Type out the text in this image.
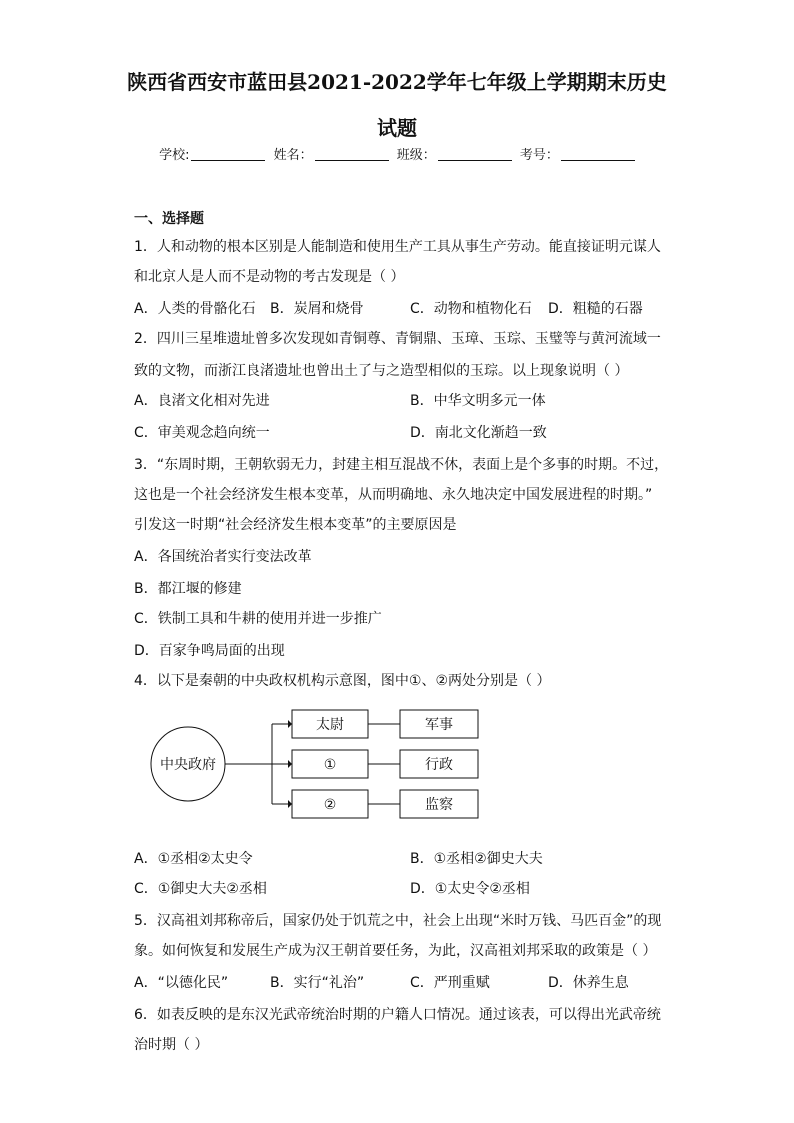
陕西省西安市蓝田县2021-2022学年七年级上学期期末历史
试题
学校:	姓名：	班级：	考号：
一、选择题
1．人和动物的根本区别是人能制造和使用生产工具从事生产劳动。能直接证明元谋人
和北京人是人而不是动物的考古发现是（ ）
A．人类的骨骼化石 B．炭屑和烧骨	C．动物和植物化石 D．粗糙的石器
2．四川三星堆遗址曾多次发现如青铜尊、青铜鼎、玉璋、玉琮、玉璧等与黄河流域一
致的文物，而浙江良渚遗址也曾出土了与之造型相似的玉琮。以上现象说明（ ）
A．良渚文化相对先进	B．中华文明多元一体
C．审美观念趋向统一	D．南北文化渐趋一致
3．“东周时期，王朝软弱无力，封建主相互混战不休，表面上是个多事的时期。不过，
这也是一个社会经济发生根本变革，从而明确地、永久地决定中国发展进程的时期。”
引发这一时期“社会经济发生根本变革”的主要原因是
A．各国统治者实行变法改革
B．都江堰的修建
C．铁制工具和牛耕的使用并进一步推广
D．百家争鸣局面的出现
4．以下是秦朝的中央政权机构示意图，图中①、②两处分别是（ ）
中央政府
太尉
①
②
军事
行政
监察
A．①丞相②太史令	B．①丞相②御史大夫
C．①御史大夫②丞相	D．①太史令②丞相
5．汉高祖刘邦称帝后，国家仍处于饥荒之中，社会上出现“米时万钱、马匹百金”的现
象。如何恢复和发展生产成为汉王朝首要任务，为此，汉高祖刘邦采取的政策是（ ）
A．“以德化民”	B．实行“礼治”	C．严刑重赋	D．休养生息
6．如表反映的是东汉光武帝统治时期的户籍人口情况。通过该表，可以得出光武帝统
治时期（ ）
